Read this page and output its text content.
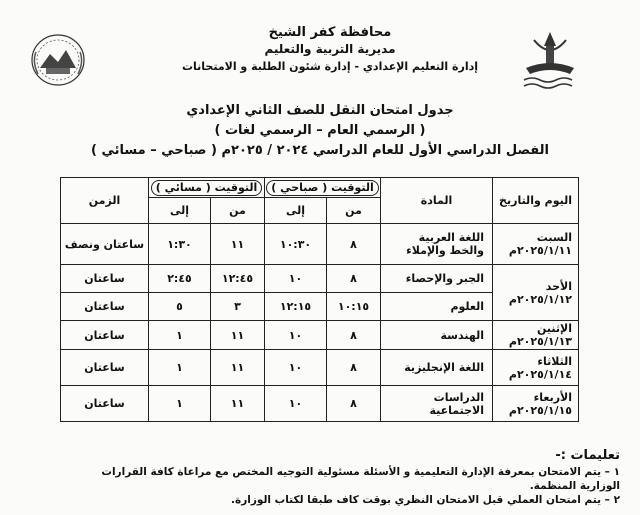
محافظة كفر الشيخ
مديرية التربية والتعليم
إدارة التعليم الإعدادي - إدارة شئون الطلبة و الامتحانات
جدول امتحان النقل للصف الثاني الإعدادي
( الرسمي العام – الرسمي لغات )
الفصل الدراسي الأول للعام الدراسي ٢٠٢٤ / ٢٠٢٥م ( صباحي – مسائي )
اليوم والتاريخ	المادة	التوقيت ( صباحي )		التوقيت ( مسائي )		الزمن
		من	إلى	من	إلى	

السبت
٢٠٢٥/١/١١م	اللغة العربية والخط والإملاء	٨	١٠:٣٠	١١	١:٣٠	ساعتان ونصف

الأحد
٢٠٢٥/١/١٢م	الجبر والإحصاء	٨	١٠	١٢:٤٥	٢:٤٥	ساعتان
	العلوم	١٠:١٥	١٢:١٥	٣	٥	ساعتان

الإثنين
٢٠٢٥/١/١٣م	الهندسة	٨	١٠	١١	١	ساعتان

الثلاثاء
٢٠٢٥/١/١٤م	اللغة الإنجليزية	٨	١٠	١١	١	ساعتان

الأربعاء
٢٠٢٥/١/١٥م	الدراسات الاجتماعية	٨	١٠	١١	١	ساعتان
تعليمات :-
١ – يتم الامتحان بمعرفة الإدارة التعليمية و الأسئلة مسئولية التوجيه المختص مع مراعاة كافة القرارات الوزارية المنظمة.
٢ – يتم امتحان العملي قبل الامتحان النظري بوقت كاف طبقا لكتاب الوزارة.
